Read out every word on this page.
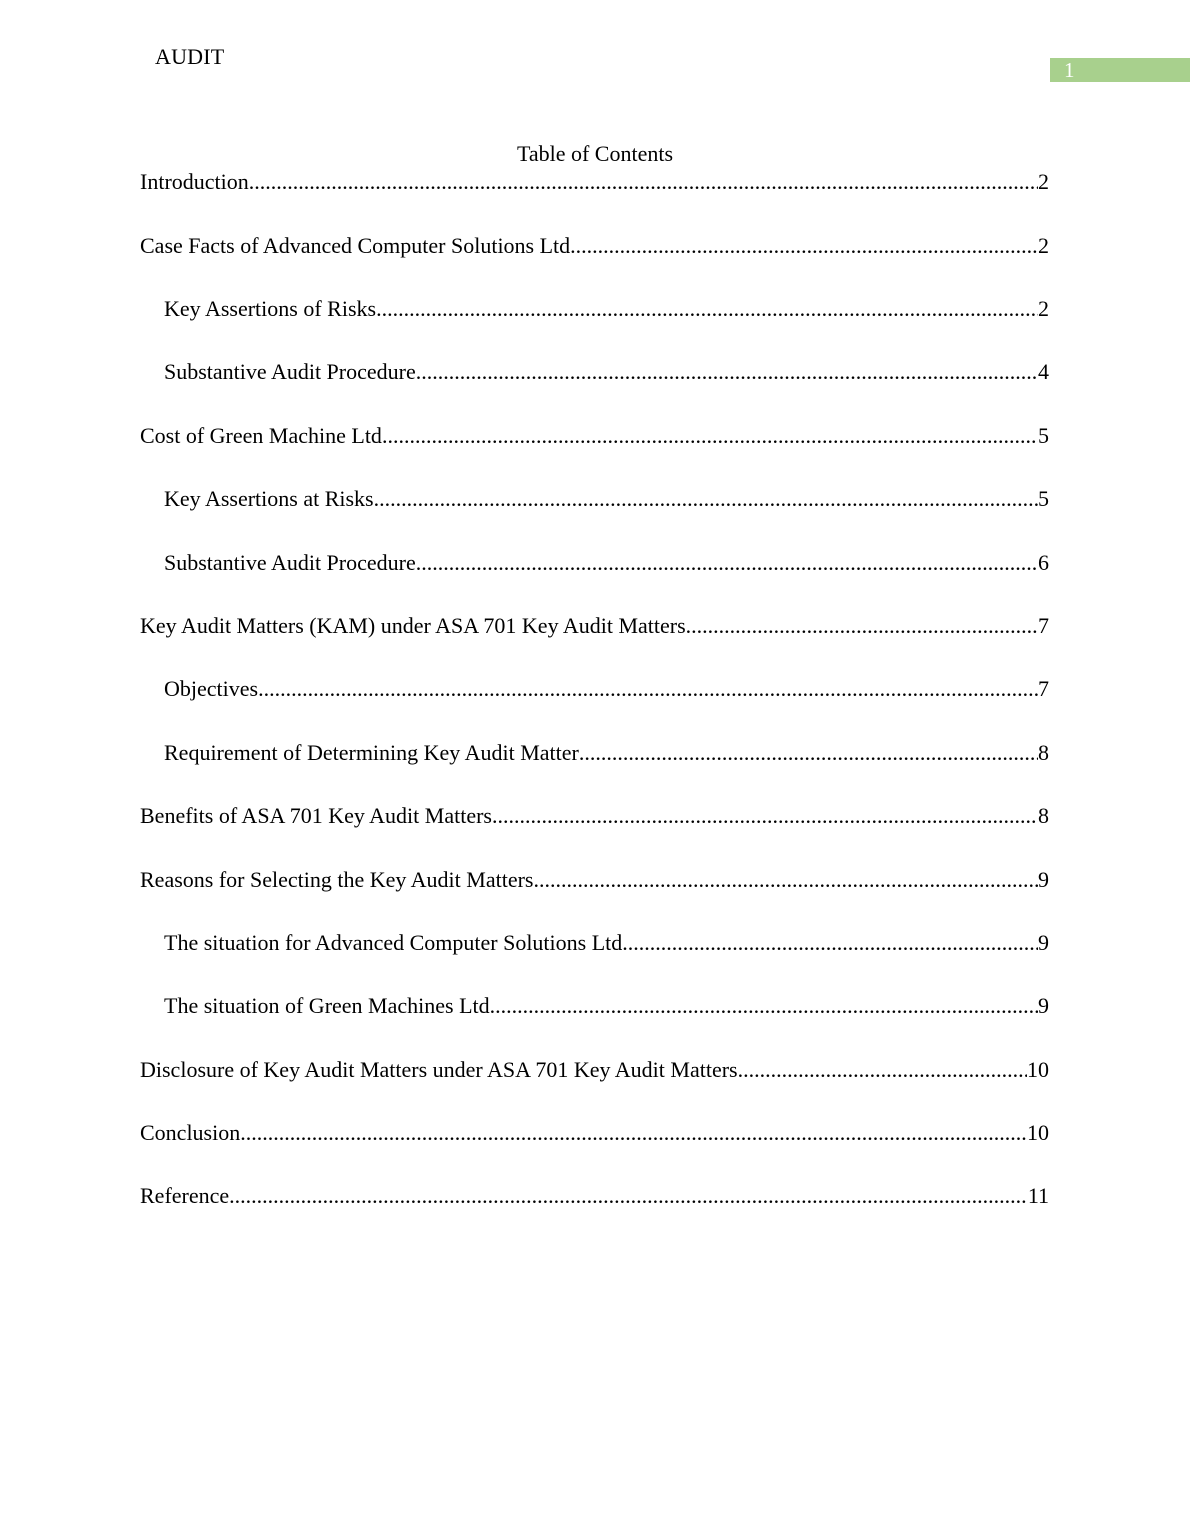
AUDIT
1
Table of Contents
Introduction .....	2
Case Facts of Advanced Computer Solutions Ltd .....	2
Key Assertions of Risks .....	2
Substantive Audit Procedure .....	4
Cost of Green Machine Ltd .....	5
Key Assertions at Risks .....	5
Substantive Audit Procedure .....	6
Key Audit Matters (KAM) under ASA 701 Key Audit Matters .....	7
Objectives .....	7
Requirement of Determining Key Audit Matter .....	8
Benefits of ASA 701 Key Audit Matters .....	8
Reasons for Selecting the Key Audit Matters .....	9
The situation for Advanced Computer Solutions Ltd .....	9
The situation of Green Machines Ltd .....	9
Disclosure of Key Audit Matters under ASA 701 Key Audit Matters .....	10
Conclusion .....	10
Reference .....	11
